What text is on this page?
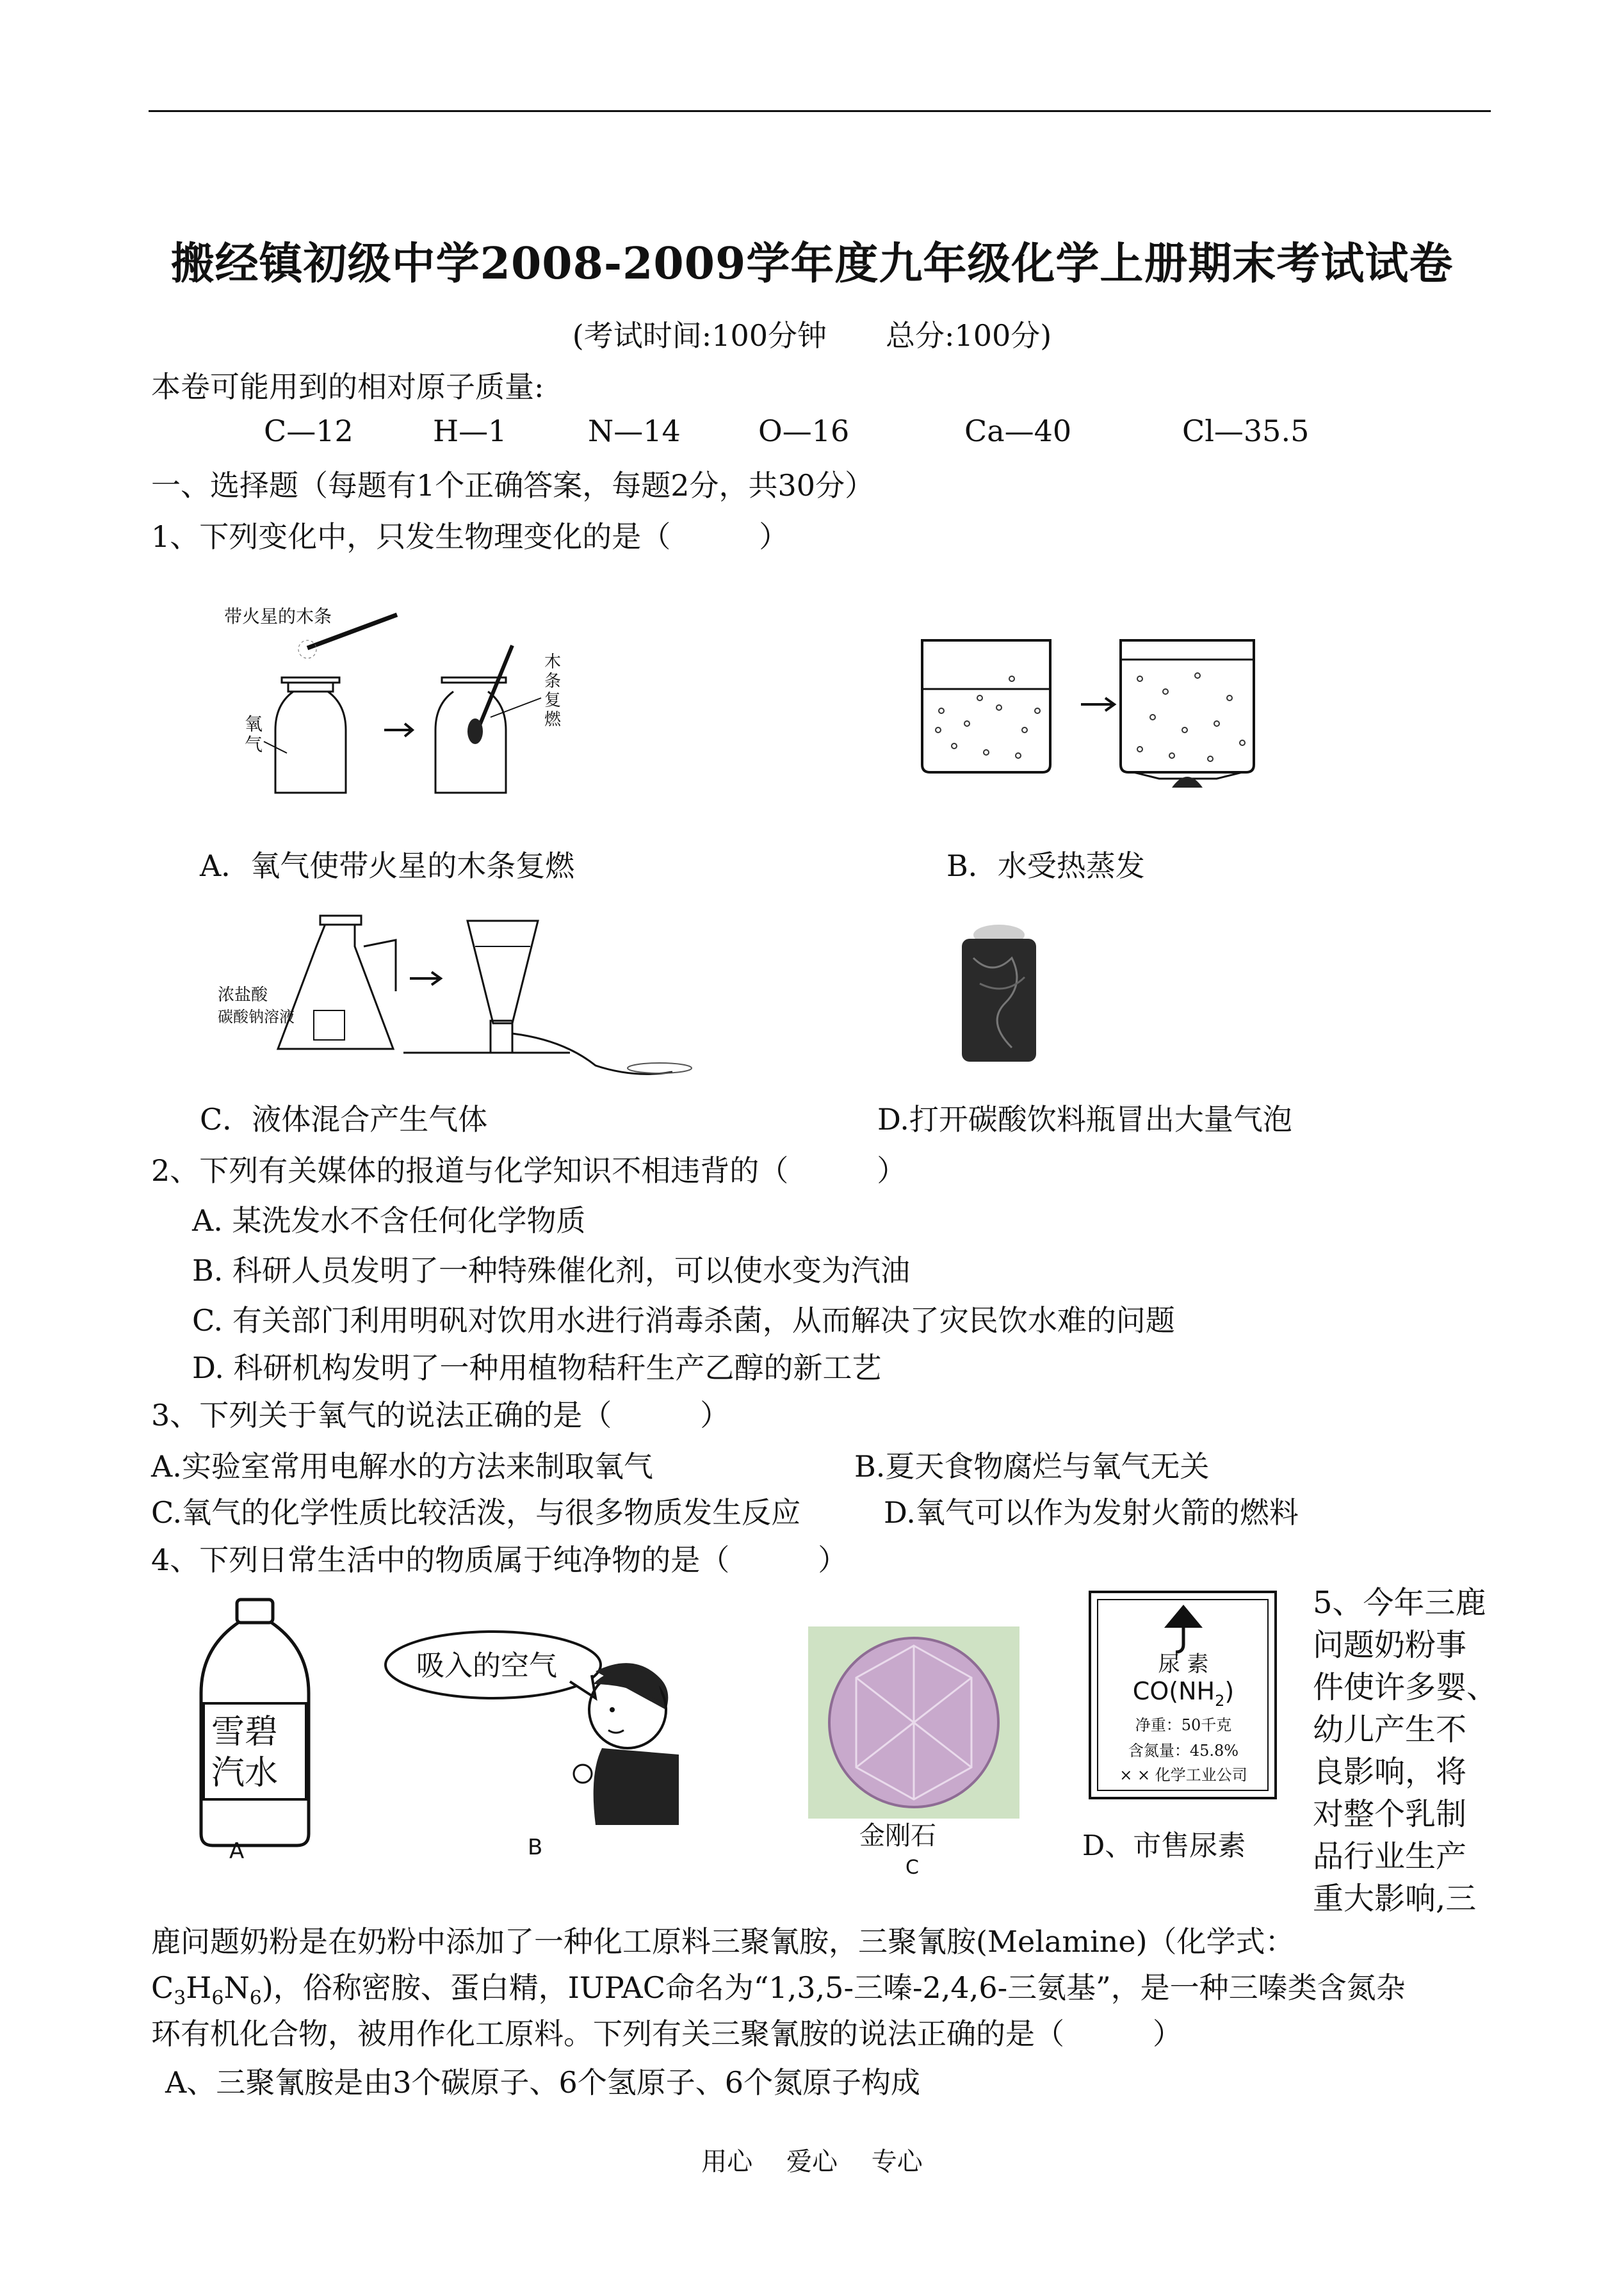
搬经镇初级中学2008-2009学年度九年级化学上册期末考试试卷
(考试时间:100分钟　　总分:100分)
本卷可能用到的相对原子质量:
C—12	H—1	N—14	O—16	Ca—40	Cl—35.5
一、选择题（每题有1个正确答案，每题2分，共30分）
1、下列变化中，只发生物理变化的是（　　　）
带火星的木条
氧
气
木
条
复
燃
A．氧气使带火星的木条复燃	B．水受热蒸发
浓盐酸
碳酸钠溶液
C．液体混合产生气体	D.打开碳酸饮料瓶冒出大量气泡
2、下列有关媒体的报道与化学知识不相违背的（　　　）
A. 某洗发水不含任何化学物质
B. 科研人员发明了一种特殊催化剂，可以使水变为汽油
C. 有关部门利用明矾对饮用水进行消毒杀菌，从而解决了灾民饮水难的问题
D. 科研机构发明了一种用植物秸秆生产乙醇的新工艺
3、下列关于氧气的说法正确的是（　　　）
A.实验室常用电解水的方法来制取氧气	B.夏天食物腐烂与氧气无关
C.氧气的化学性质比较活泼，与很多物质发生反应	D.氧气可以作为发射火箭的燃料
4、下列日常生活中的物质属于纯净物的是（　　　）
雪碧
汽水
A
吸入的空气
B	金刚石
C
尿 素
$CO(NH_2)$
净重：50千克
含氮量：45.8%
× × 化学工业公司
D、市售尿素
5、今年三鹿
问题奶粉事
件使许多婴、
幼儿产生不
良影响，将
对整个乳制
品行业生产
重大影响,三
鹿问题奶粉是在奶粉中添加了一种化工原料三聚氰胺，三聚氰胺(Melamine)（化学式：
$C_3H_6N_6$)，俗称密胺、蛋白精，IUPAC命名为“1,3,5-三嗪-2,4,6-三氨基”，是一种三嗪类含氮杂
环有机化合物，被用作化工原料。下列有关三聚氰胺的说法正确的是（　　　）
A、三聚氰胺是由3个碳原子、6个氢原子、6个氮原子构成
用心 爱心 专心
